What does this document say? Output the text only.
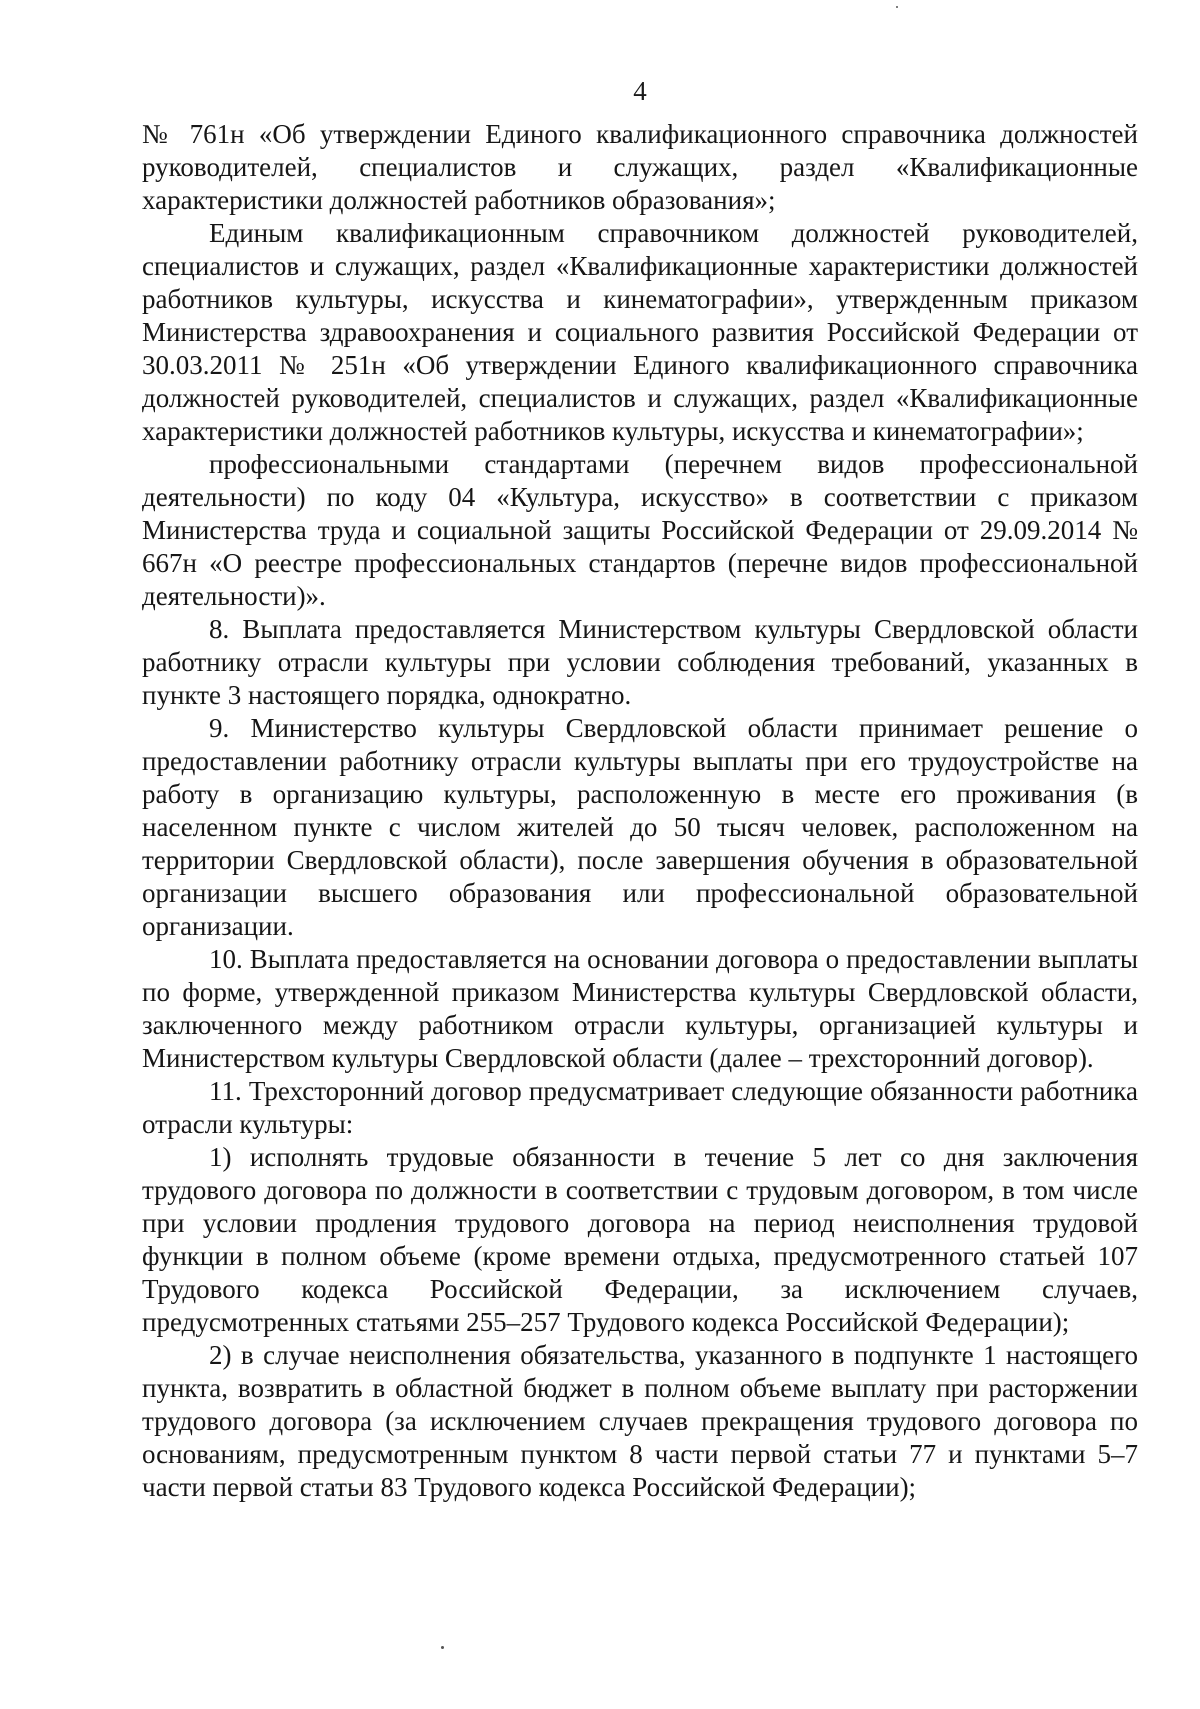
4

№ 761н «Об утверждении Единого квалификационного справочника должностей руководителей, специалистов и служащих, раздел «Квалификационные характеристики должностей работников образования»;

Единым квалификационным справочником должностей руководителей, специалистов и служащих, раздел «Квалификационные характеристики должностей работников культуры, искусства и кинематографии», утвержденным приказом Министерства здравоохранения и социального развития Российской Федерации от 30.03.2011 № 251н «Об утверждении Единого квалификационного справочника должностей руководителей, специалистов и служащих, раздел «Квалификационные характеристики должностей работников культуры, искусства и кинематографии»;

профессиональными стандартами (перечнем видов профессиональной деятельности) по коду 04 «Культура, искусство» в соответствии с приказом Министерства труда и социальной защиты Российской Федерации от 29.09.2014 № 667н «О реестре профессиональных стандартов (перечне видов профессиональной деятельности)».

8. Выплата предоставляется Министерством культуры Свердловской области работнику отрасли культуры при условии соблюдения требований, указанных в пункте 3 настоящего порядка, однократно.

9. Министерство культуры Свердловской области принимает решение о предоставлении работнику отрасли культуры выплаты при его трудоустройстве на работу в организацию культуры, расположенную в месте его проживания (в населенном пункте с числом жителей до 50 тысяч человек, расположенном на территории Свердловской области), после завершения обучения в образовательной организации высшего образования или профессиональной образовательной организации.

10. Выплата предоставляется на основании договора о предоставлении выплаты по форме, утвержденной приказом Министерства культуры Свердловской области, заключенного между работником отрасли культуры, организацией культуры и Министерством культуры Свердловской области (далее – трехсторонний договор).

11. Трехсторонний договор предусматривает следующие обязанности работника отрасли культуры:

1) исполнять трудовые обязанности в течение 5 лет со дня заключения трудового договора по должности в соответствии с трудовым договором, в том числе при условии продления трудового договора на период неисполнения трудовой функции в полном объеме (кроме времени отдыха, предусмотренного статьей 107 Трудового кодекса Российской Федерации, за исключением случаев, предусмотренных статьями 255–257 Трудового кодекса Российской Федерации);

2) в случае неисполнения обязательства, указанного в подпункте 1 настоящего пункта, возвратить в областной бюджет в полном объеме выплату при расторжении трудового договора (за исключением случаев прекращения трудового договора по основаниям, предусмотренным пунктом 8 части первой статьи 77 и пунктами 5–7 части первой статьи 83 Трудового кодекса Российской Федерации);
